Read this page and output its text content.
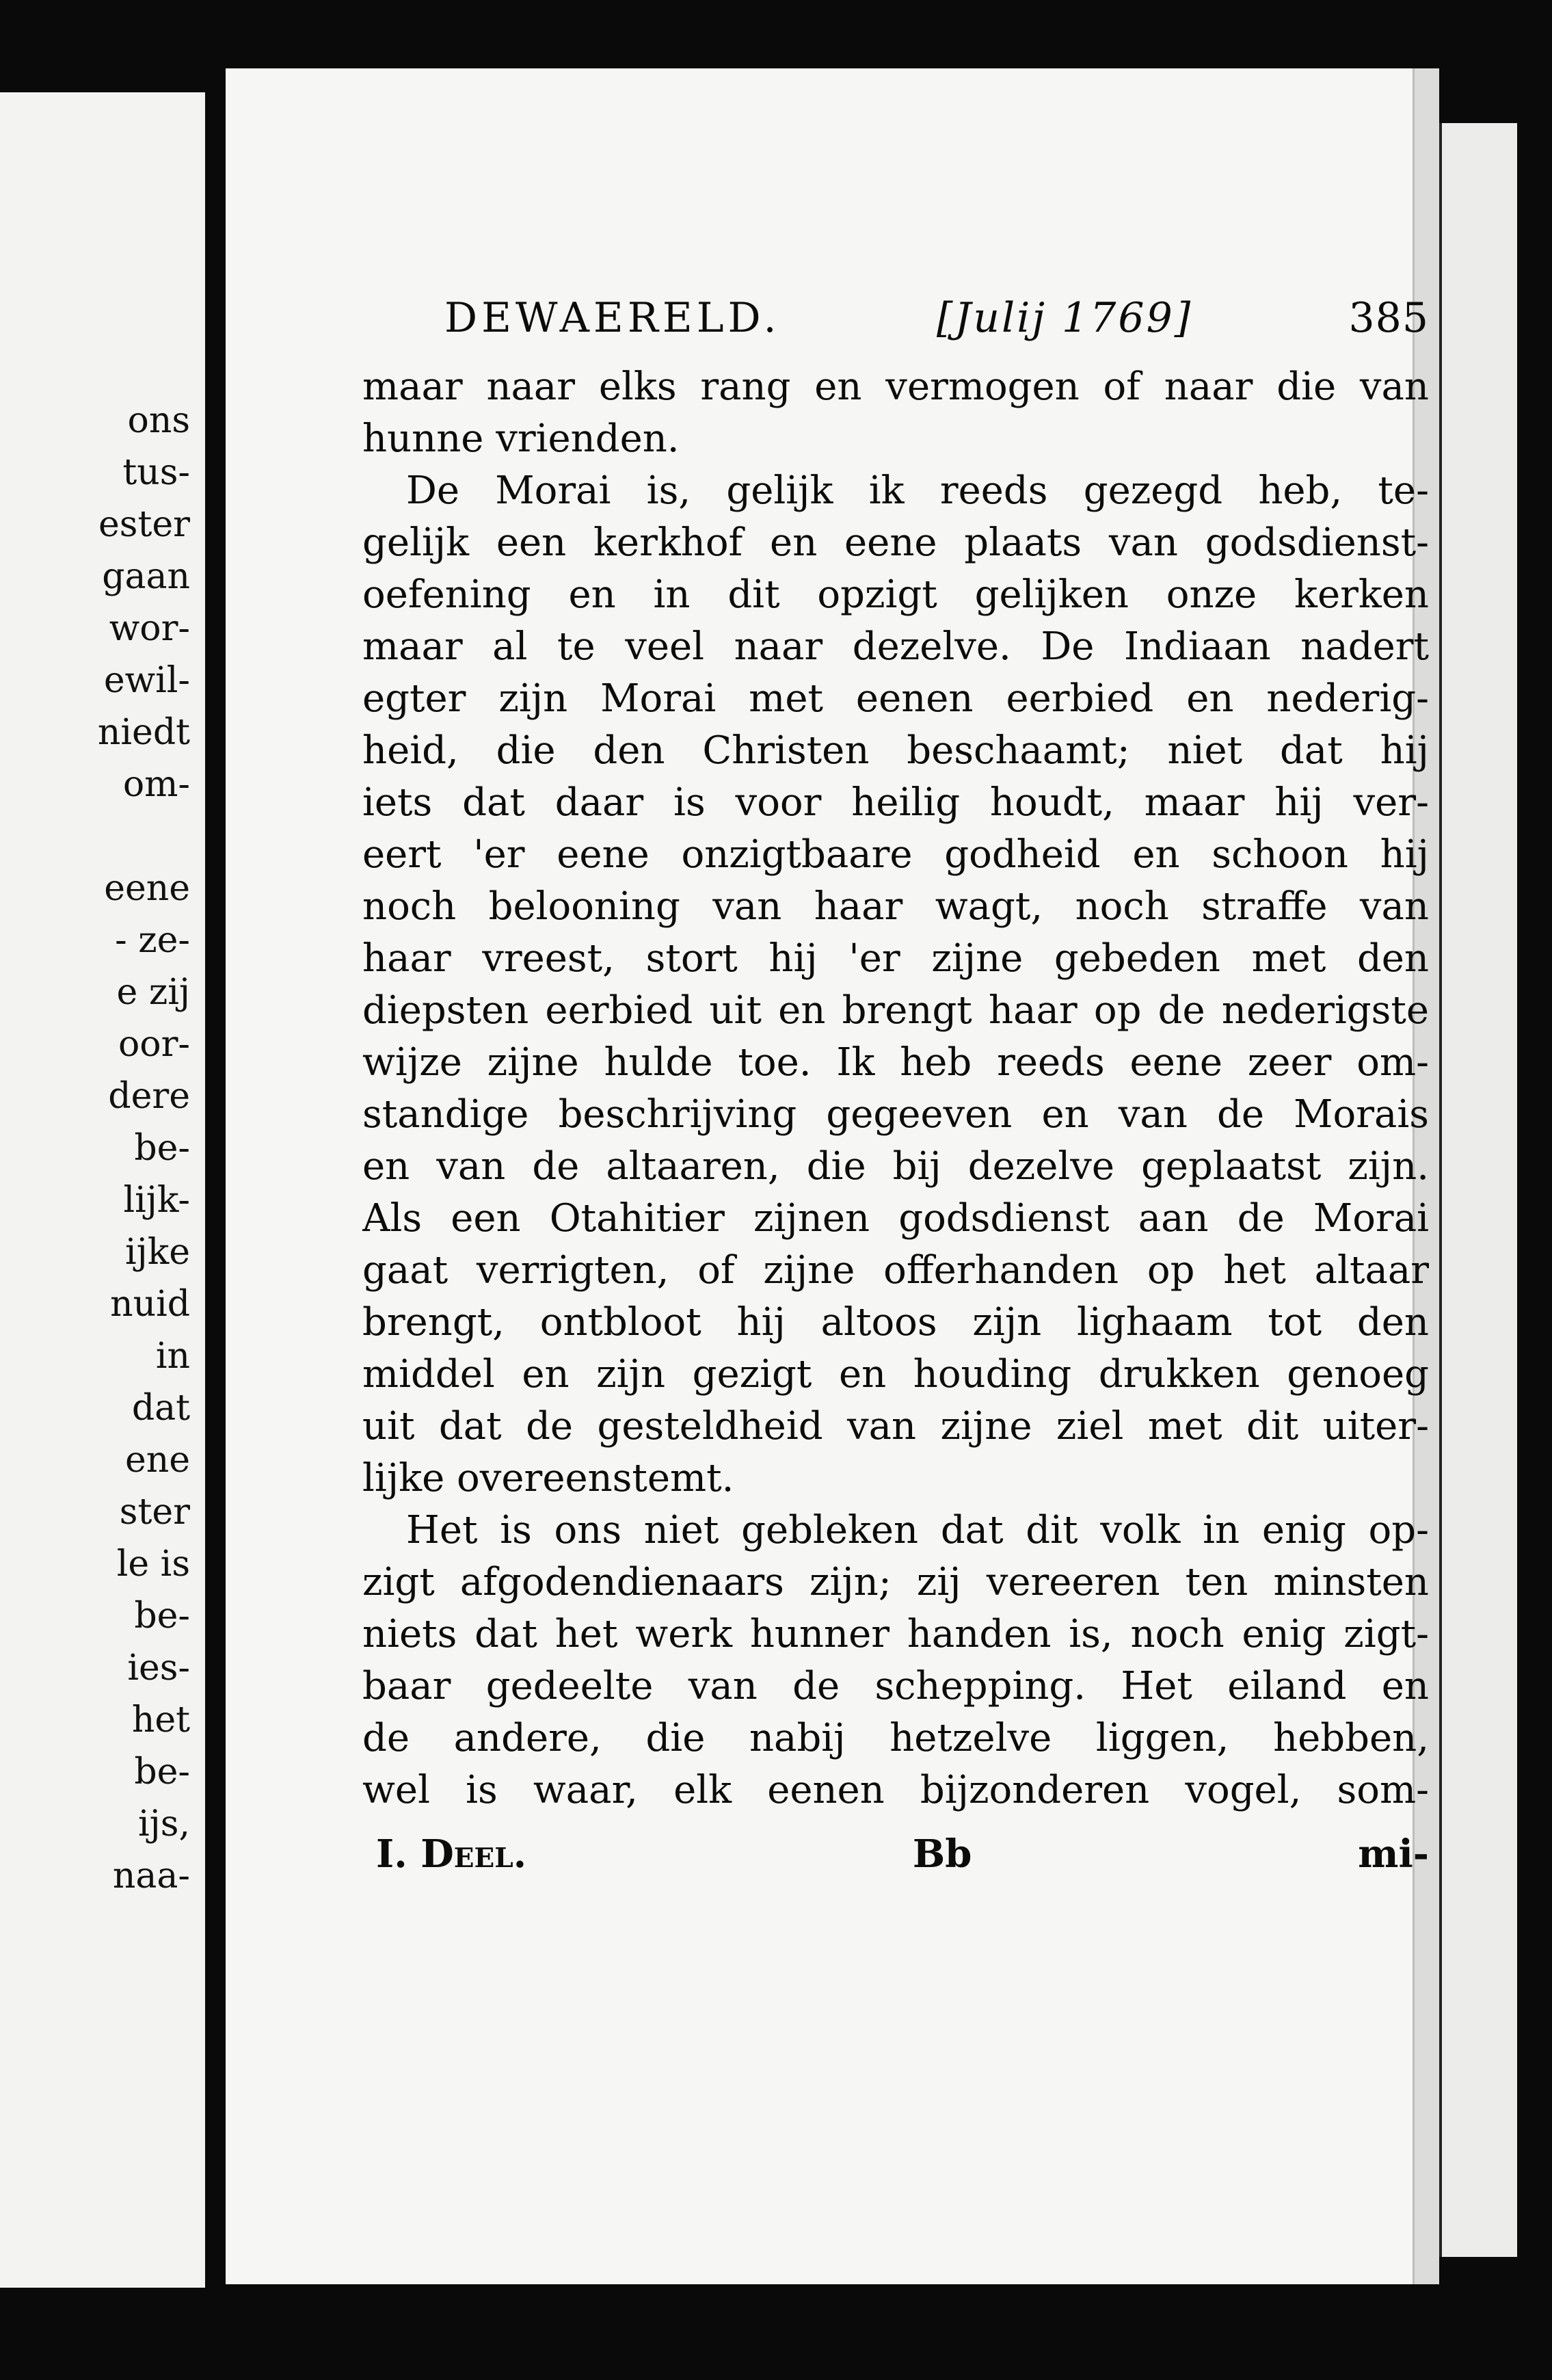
ons
tus-
ester
gaan
wor-
ewil-
niedt
om-
eene
- ze-
e zij
oor-
dere
be-
lijk-
ijke
nuid
in
dat
ene
ster
le is
be-
ies-
het
be-
ijs,
naa-
DEWAERELD.	[Julij 1769]	385
maar naar elks rang en vermogen of naar die van
hunne vrienden.
De Morai is, gelijk ik reeds gezegd heb, te-
gelijk een kerkhof en eene plaats van godsdienst-
oefening en in dit opzigt gelijken onze kerken
maar al te veel naar dezelve. De Indiaan nadert
egter zijn Morai met eenen eerbied en nederig-
heid, die den Christen beschaamt; niet dat hij
iets dat daar is voor heilig houdt, maar hij ver-
eert 'er eene onzigtbaare godheid en schoon hij
noch belooning van haar wagt, noch straffe van
haar vreest, stort hij 'er zijne gebeden met den
diepsten eerbied uit en brengt haar op de nederigste
wijze zijne hulde toe. Ik heb reeds eene zeer om-
standige beschrijving gegeeven en van de Morais
en van de altaaren, die bij dezelve geplaatst zijn.
Als een Otahitier zijnen godsdienst aan de Morai
gaat verrigten, of zijne offerhanden op het altaar
brengt, ontbloot hij altoos zijn lighaam tot den
middel en zijn gezigt en houding drukken genoeg
uit dat de gesteldheid van zijne ziel met dit uiter-
lijke overeenstemt.
Het is ons niet gebleken dat dit volk in enig op-
zigt afgodendienaars zijn; zij vereeren ten minsten
niets dat het werk hunner handen is, noch enig zigt-
baar gedeelte van de schepping. Het eiland en
de andere, die nabij hetzelve liggen, hebben,
wel is waar, elk eenen bijzonderen vogel, som-
I. Deel.	Bb	mi-
